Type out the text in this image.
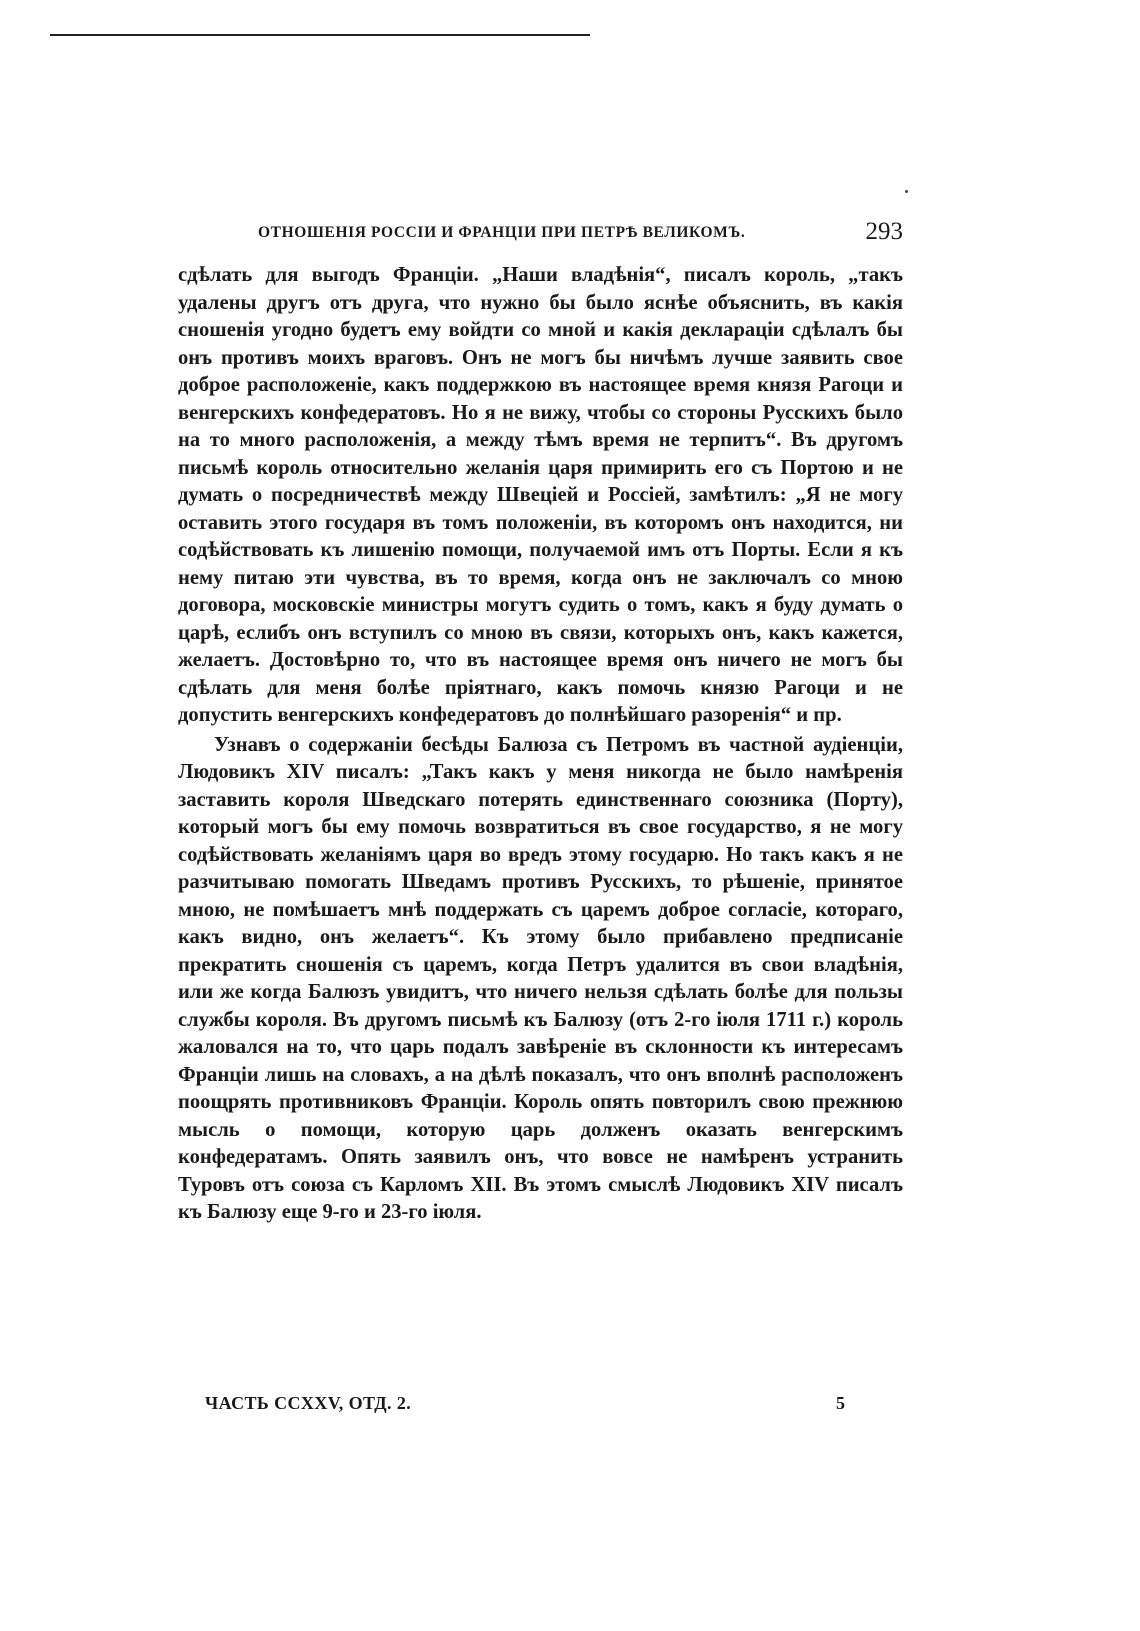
ОТНОШЕНІЯ РОССІИ И ФРАНЦІИ ПРИ ПЕТРѢ ВЕЛИКОМЪ.	293

сдѣлать для выгодъ Франціи. „Наши владѣнія“, писалъ король, „такъ удалены другъ отъ друга, что нужно бы было яснѣе объяснить, въ какія сношенія угодно будетъ ему войдти со мной и какія деклараціи сдѣлалъ бы онъ противъ моихъ враговъ. Онъ не могъ бы ничѣмъ лучше заявить свое доброе расположеніе, какъ поддержкою въ настоящее время князя Рагоци и венгерскихъ конфедератовъ. Но я не вижу, чтобы со стороны Русскихъ было на то много расположенія, а между тѣмъ время не терпитъ“. Въ другомъ письмѣ король относительно желанія царя примирить его съ Портою и не думать о посредничествѣ между Швеціей и Россіей, замѣтилъ: „Я не могу оставить этого государя въ томъ положеніи, въ которомъ онъ находится, ни содѣйствовать къ лишенію помощи, получаемой имъ отъ Порты. Если я къ нему питаю эти чувства, въ то время, когда онъ не заключалъ со мною договора, московскіе министры могутъ судить о томъ, какъ я буду думать о царѣ, еслибъ онъ вступилъ со мною въ связи, которыхъ онъ, какъ кажется, желаетъ. Достовѣрно то, что въ настоящее время онъ ничего не могъ бы сдѣлать для меня болѣе пріятнаго, какъ помочь князю Рагоци и не допустить венгерскихъ конфедератовъ до полнѣйшаго разоренія“ и пр.

Узнавъ о содержаніи бесѣды Балюза съ Петромъ въ частной аудіенціи, Людовикъ XIV писалъ: „Такъ какъ у меня никогда не было намѣренія заставить короля Шведскаго потерять единственнаго союзника (Порту), который могъ бы ему помочь возвратиться въ свое государство, я не могу содѣйствовать желаніямъ царя во вредъ этому государю. Но такъ какъ я не разчитываю помогать Шведамъ противъ Русскихъ, то рѣшеніе, принятое мною, не помѣшаетъ мнѣ поддержать съ царемъ доброе согласіе, котораго, какъ видно, онъ желаетъ“. Къ этому было прибавлено предписаніе прекратить сношенія съ царемъ, когда Петръ удалится въ свои владѣнія, или же когда Балюзъ увидитъ, что ничего нельзя сдѣлать болѣе для пользы службы короля. Въ другомъ письмѣ къ Балюзу (отъ 2-го іюля 1711 г.) король жаловался на то, что царь подалъ завѣреніе въ склонности къ интересамъ Франціи лишь на словахъ, а на дѣлѣ показалъ, что онъ вполнѣ расположенъ поощрять противниковъ Франціи. Король опять повторилъ свою прежнюю мысль о помощи, которую царь долженъ оказать венгерскимъ конфедератамъ. Опять заявилъ онъ, что вовсе не намѣренъ устранить Туровъ отъ союза съ Карломъ XII. Въ этомъ смыслѣ Людовикъ XIV писалъ къ Балюзу еще 9-го и 23-го іюля.

ЧАСТЬ CCXXV, ОТД. 2.	5
